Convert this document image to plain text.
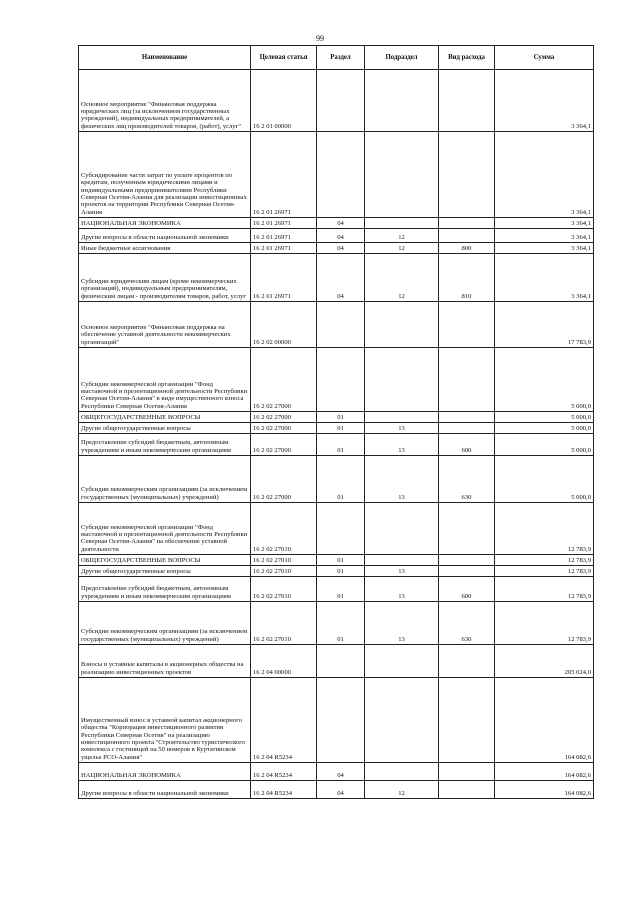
99
Наименование	Целевая статья	Раздел	Подраздел	Вид расхода	Сумма

Основное мероприятие "Финансовая поддержка юридических лиц (за исключением государственных учреждений), индивидуальных предпринимателей, а физических лиц производителей товаров, (работ), услуг"	16 2 01 00000				3 364,1

Субсидирование части затрат по уплате процентов по кредитам, полученным юридическими лицами и индивидуальными предпринимателями Республики Северная Осетия-Алания для реализации инвестиционных проектов на территории Республики Северная Осетия-Алания	16 2 01 26971				3 364,1

НАЦИОНАЛЬНАЯ ЭКОНОМИКА	16 2 01 26971	04			3 364,1

Другие вопросы в области национальной экономики	16 2 01 26971	04	12		3 364,1

Иные бюджетные ассигнования	16 2 01 26971	04	12	800	3 364,1

Субсидии юридическим лицам (кроме некоммерческих организаций), индивидуальным предпринимателям, физическим лицам - производителям товаров, работ, услуг	16 2 01 26971	04	12	810	3 364,1

Основное мероприятие "Финансовая поддержка на обеспечение уставной деятельности некоммерческих организаций"	16 2 02 00000				17 783,9

Субсидии некоммерческой организации "Фонд выставочной и презентационной деятельности Республики Северная Осетия-Алания" в виде имущественного взноса Республики Северная Осетия-Алания	16 2 02 27000				5 000,0

ОБЩЕГОСУДАРСТВЕННЫЕ ВОПРОСЫ	16 2 02 27000	01			5 000,0

Другие общегосударственные вопросы	16 2 02 27000	01	13		5 000,0

Предоставление субсидий бюджетным, автономным учреждениям и иным некоммерческим организациям	16 2 02 27000	01	13	600	5 000,0

Субсидии некоммерческим организациям (за исключением государственных (муниципальных) учреждений)	16 2 02 27000	01	13	630	5 000,0

Субсидии некоммерческой организации "Фонд выставочной и презентационной деятельности Республики Северная Осетия-Алания" на обеспечение уставной деятельности	16 2 02 27010				12 783,9

ОБЩЕГОСУДАРСТВЕННЫЕ ВОПРОСЫ	16 2 02 27010	01			12 783,9

Другие общегосударственные вопросы	16 2 02 27010	01	13		12 783,9

Предоставление субсидий бюджетным, автономным учреждениям и иным некоммерческим организациям	16 2 02 27010	01	13	600	12 783,9

Субсидии некоммерческим организациям (за исключением государственных (муниципальных) учреждений)	16 2 02 27010	01	13	630	12 783,9

Взносы в уставные капиталы в акционерных общества на реализацию инвестиционных проектов	16 2 04 00000				205 024,0

Имущественный взнос в уставной капитал акционерного общества "Корпорация инвестиционного развития Республики Северная Осетия" на реализацию инвестиционного проекта "Строительство туристического комплекса с гостиницей на 50 номеров в Куртатинском ущелье РСО-Алания"	16 2 04 R5234				164 082,6

НАЦИОНАЛЬНАЯ ЭКОНОМИКА	16 2 04 R5234	04			164 082,6

Другие вопросы в области национальной экономики	16 2 04 R5234	04	12		164 082,6
